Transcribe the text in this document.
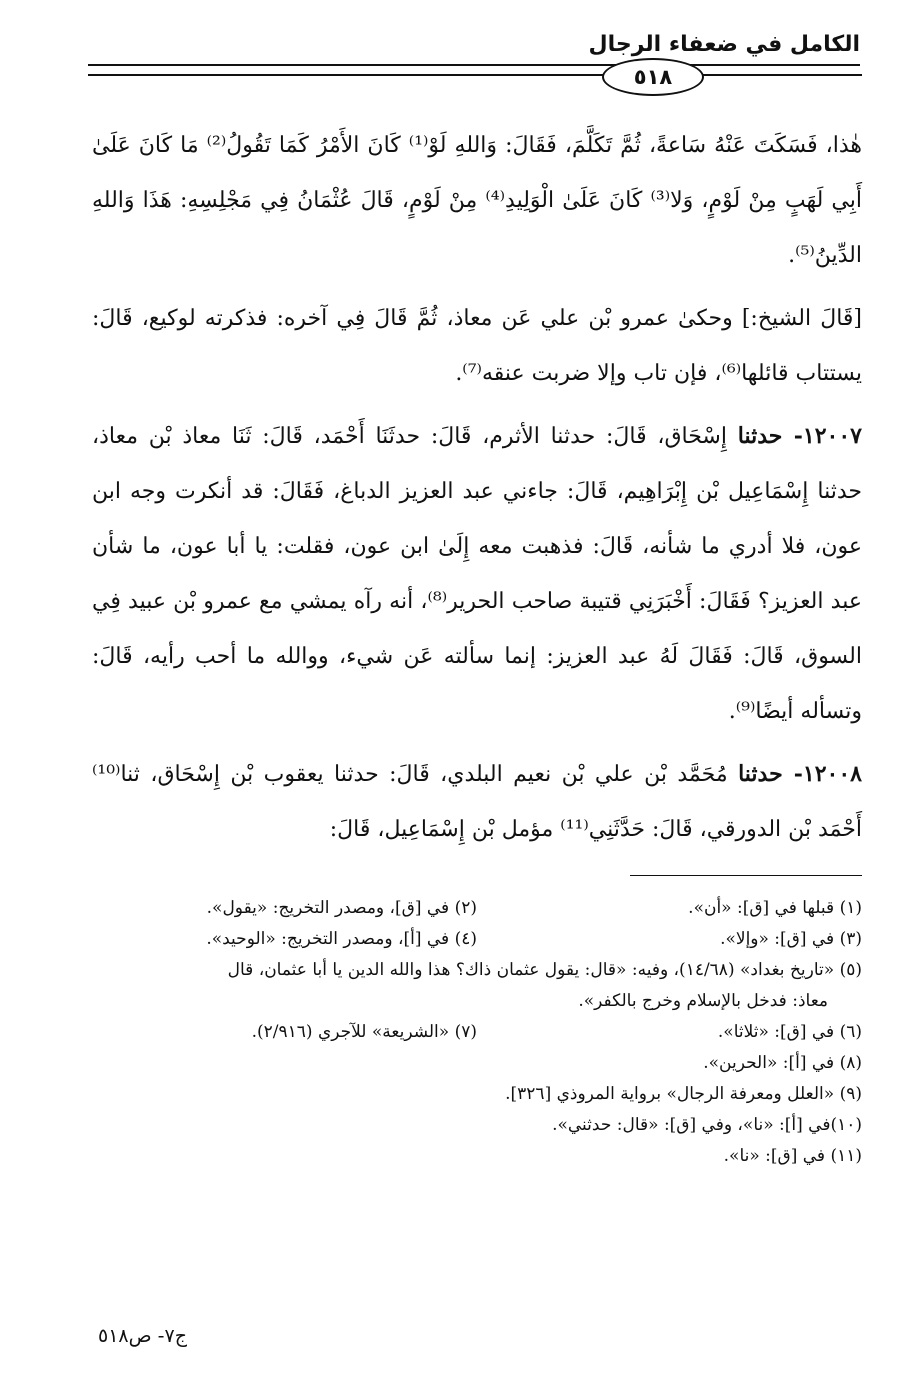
الكامل في ضعفاء الرجال
٥١٨

هٰذا، فَسَكَتَ عَنْهُ سَاعةً، ثُمَّ تَكَلَّمَ، فَقَالَ: وَاللهِ لَوْ⁽¹⁾ كَانَ الأَمْرُ كَمَا تَقُولُ⁽²⁾ مَا كَانَ عَلَىٰ أَبِي لَهَبٍ مِنْ لَوْمٍ، وَلا⁽³⁾ كَانَ عَلَىٰ الْوَلِيدِ⁽⁴⁾ مِنْ لَوْمٍ، قَالَ عُثْمَانُ فِي مَجْلِسِهِ: هَذَا وَاللهِ الدِّينُ⁽⁵⁾.

[قَالَ الشيخ:] وحكىٰ عمرو بْن علي عَن معاذ، ثُمَّ قَالَ فِي آخره: فذكرته لوكيع، قَالَ: يستتاب قائلها⁽⁶⁾، فإن تاب وإلا ضربت عنقه⁽⁷⁾.

١٢٠٠٧- حدثنا إِسْحَاق، قَالَ: حدثنا الأثرم، قَالَ: حدثَنَا أَحْمَد، قَالَ: ثَنَا معاذ بْن معاذ، حدثنا إِسْمَاعِيل بْن إِبْرَاهِيم، قَالَ: جاءني عبد العزيز الدباغ، فَقَالَ: قد أنكرت وجه ابن عون، فلا أدري ما شأنه، قَالَ: فذهبت معه إِلَىٰ ابن عون، فقلت: يا أبا عون، ما شأن عبد العزيز؟ فَقَالَ: أَخْبَرَنِي قتيبة صاحب الحرير⁽⁸⁾، أنه رآه يمشي مع عمرو بْن عبيد فِي السوق، قَالَ: فَقَالَ لَهُ عبد العزيز: إنما سألته عَن شيء، ووالله ما أحب رأيه، قَالَ: وتسأله أيضًا⁽⁹⁾.

١٢٠٠٨- حدثنا مُحَمَّد بْن علي بْن نعيم البلدي، قَالَ: حدثنا يعقوب بْن إِسْحَاق، ثنا⁽¹⁰⁾ أَحْمَد بْن الدورقي، قَالَ: حَدَّثَنِي⁽¹¹⁾ مؤمل بْن إِسْمَاعِيل، قَالَ:

(١) قبلها في [ق]: «أن».
(٢) في [ق]، ومصدر التخريج: «يقول».
(٣) في [ق]: «وإلا».
(٤) في [أ]، ومصدر التخريج: «الوحيد».
(٥) «تاريخ بغداد» (١٤/٦٨)، وفيه: «قال: يقول عثمان ذاك؟ هذا والله الدين يا أبا عثمان، قال
معاذ: فدخل بالإسلام وخرج بالكفر».
(٦) في [ق]: «ثلاثا».
(٧) «الشريعة» للآجري (٢/٩١٦).
(٨) في [أ]: «الحرين».
(٩) «العلل ومعرفة الرجال» برواية المروذي [٣٢٦].
(١٠)في [أ]: «نا»، وفي [ق]: «قال: حدثني».
(١١) في [ق]: «نا».
ج٧- ص٥١٨
